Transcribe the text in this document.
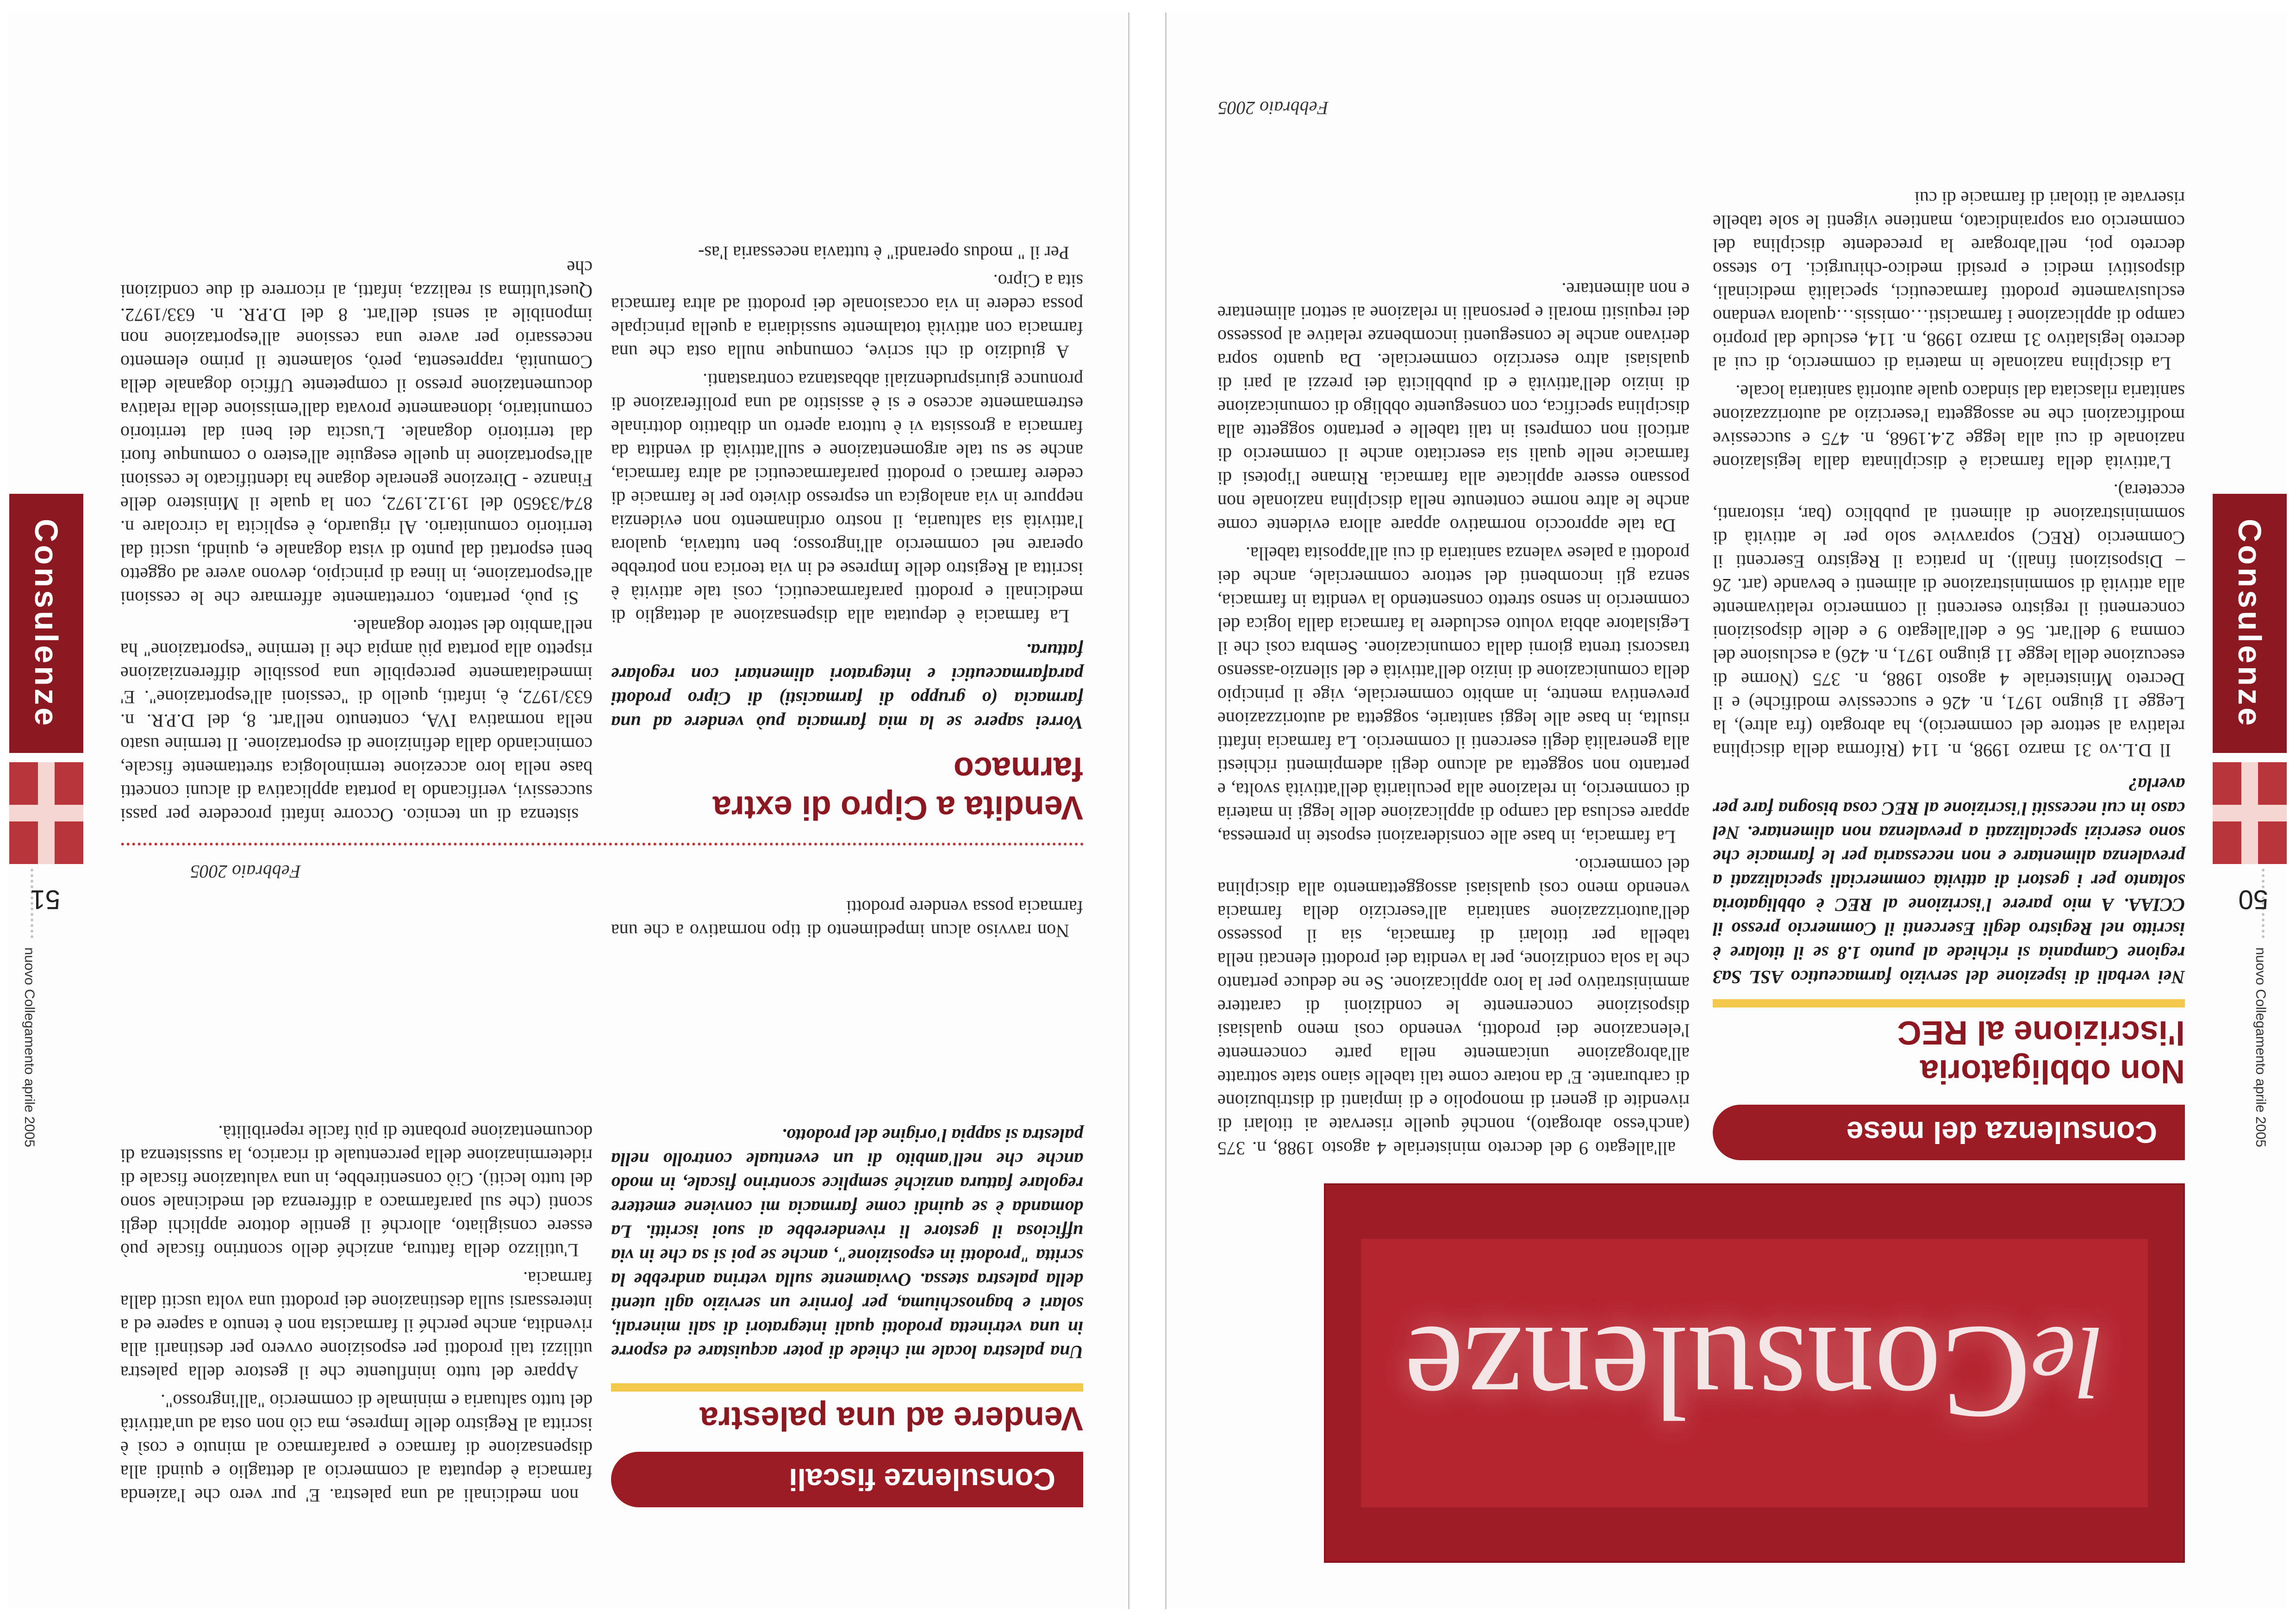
nuovo Collegamento aprile 2005
50
Consulenze
leConsulenze
Consulenza del mese
Non obbligatoria
l'iscrizione al REC
Nei verbali di ispezione del servizio farmaceutico ASL Sa3 regione Campania si richiede al punto 1.8 se il titolare è iscritto nel Registro degli Esercenti il Commercio presso il CCIAA. A mio parere l'iscrizione al REC è obbligatoria soltanto per i gestori di attività commerciali specializzati a prevalenza alimentare e non necessaria per le farmacie che sono esercizi specializzati a prevalenza non alimentare. Nel caso in cui necessiti l'iscrizione al REC cosa bisogna fare per averla?

Il D.L.vo 31 marzo 1998, n. 114 (Riforma della disciplina relativa al settore del commercio), ha abrogato (fra altre), la Legge 11 giugno 1971, n. 426 e successive modifiche) e il Decreto Ministeriale 4 agosto 1988, n. 375 (Norme di esecuzione della legge 11 giugno 1971, n. 426) a esclusione del comma 9 dell'art. 56 e dell'allegato 9 e delle disposizioni concernenti il registro esercenti il commercio relativamente alla attività di somministrazione di alimenti e bevande (art. 26 – Disposizioni finali). In pratica il Registro Esercenti il Commercio (REC) sopravvive solo per le attività di somministrazione di alimenti al pubblico (bar, ristoranti, eccetera).

L'attività della farmacia è disciplinata dalla legislazione nazionale di cui alla legge 2.4.1968, n. 475 e successive modificazioni che ne assoggetta l'esercizio ad autorizzazione sanitaria rilasciata dal sindaco quale autorità sanitaria locale.

La disciplina nazionale in materia di commercio, di cui al decreto legislativo 31 marzo 1998, n. 114, esclude dal proprio campo di applicazione i farmacisti…omissis…qualora vendano esclusivamente prodotti farmaceutici, specialità medicinali, dispositivi medici e presidi medico-chirurgici. Lo stesso decreto poi, nell'abrogare la precedente disciplina del commercio ora sopraindicato, mantiene vigenti le sole tabelle riservate ai titolari di farmacie di cui

all'allegato 9 del decreto ministeriale 4 agosto 1988, n. 375 (anch'esso abrogato), nonché quelle riservate ai titolari di rivendite di generi di monopolio e di impianti di distribuzione di carburante. E' da notare come tali tabelle siano state sottratte all'abrogazione unicamente nella parte concernente l'elencazione dei prodotti, venendo così meno qualsiasi disposizione concernente le condizioni di carattere amministrativo per la loro applicazione. Se ne deduce pertanto che la sola condizione, per la vendita dei prodotti elencati nella tabella per titolari di farmacia, sia il possesso dell'autorizzazione sanitaria all'esercizio della farmacia venendo meno così qualsiasi assoggettamento alla disciplina del commercio.

La farmacia, in base alle considerazioni esposte in premessa, appare esclusa dal campo di applicazione delle leggi in materia di commercio, in relazione alla peculiarità dell'attività svolta, e pertanto non soggetta ad alcuno degli adempimenti richiesti alla generalità degli esercenti il commercio. La farmacia infatti risulta, in base alle leggi sanitarie, soggetta ad autorizzazione preventiva mentre, in ambito commerciale, vige il principio della comunicazione di inizio dell'attività e del silenzio-assenso trascorsi trenta giorni dalla comunicazione. Sembra così che il Legislatore abbia voluto escludere la farmacia dalla logica del commercio in senso stretto consentendo la vendita in farmacia, senza gli incombenti del settore commerciale, anche dei prodotti a palese valenza sanitaria di cui all'apposita tabella.

Da tale approccio normativo appare allora evidente come anche le altre norme contenute nella disciplina nazionale non possano essere applicate alla farmacia. Rimane l'ipotesi di farmacie nelle quali sia esercitato anche il commercio di articoli non compresi in tali tabelle e pertanto soggette alla disciplina specifica, con conseguente obbligo di comunicazione di inizio dell'attività e di pubblicità dei prezzi al pari di qualsiasi altro esercizio commerciale. Da quanto sopra derivano anche le conseguenti incombenze relative al possesso dei requisiti morali e personali in relazione ai settori alimentare e non alimentare.

Febbraio 2005
nuovo Collegamento aprile 2005
51
Consulenze
Consulenze fiscali
Vendere ad una palestra
Una palestra locale mi chiede di poter acquistare ed esporre in una vetrinetta prodotti quali integratori di sali minerali, solari e bagnoschiuma, per fornire un servizio agli utenti della palestra stessa. Ovviamente sulla vetrina andrebbe la scritta "prodotti in esposizione", anche se poi si sa che in via ufficiosa il gestore li rivenderebbe ai suoi iscritti. La domanda è se quindi come farmacia mi conviene emettere regolare fattura anziché semplice scontrino fiscale, in modo anche che nell'ambito di un eventuale controllo nella palestra si sappia l'origine del prodotto.

Non ravviso alcun impedimento di tipo normativo a che una farmacia possa vendere prodotti

non medicinali ad una palestra. E' pur vero che l'azienda farmacia è deputata al commercio al dettaglio e quindi alla dispensazione di farmaco e parafarmaco al minuto e così è iscritta al Registro delle Imprese, ma ciò non osta ad un'attività del tutto saltuaria e minimale di commercio "all'ingrosso".

Appare del tutto ininfluente che il gestore della palestra utilizzi tali prodotti per esposizione ovvero per destinarli alla rivendita, anche perché il farmacista non è tenuto a sapere ed a interessarsi sulla destinazione dei prodotti una volta usciti dalla farmacia.

L'utilizzo della fattura, anziché dello scontrino fiscale può essere consigliato, allorché il gentile dottore applichi degli sconti (che sul parafarmaco a differenza del medicinale sono del tutto leciti). Ciò consentirebbe, in una valutazione fiscale di rideterminazione della percentuale di ricarico, la sussistenza di documentazione probante di più facile reperibilità.

Febbraio 2005
Vendita a Cipro di extra
farmaco
Vorrei sapere se la mia farmacia può vendere ad una farmacia (o gruppo di farmacisti) di Cipro prodotti parafarmaceutici e integratori alimentari con regolare fattura.

La farmacia è deputata alla dispensazione al dettaglio di medicinali e prodotti parafarmaceutici, così tale attività è iscritta al Registro delle Imprese ed in via teorica non potrebbe operare nel commercio all'ingrosso; ben tuttavia, qualora l'attività sia saltuaria, il nostro ordinamento non evidenzia neppure in via analogica un espresso divieto per le farmacie di cedere farmaci o prodotti parafarmaceutici ad altra farmacia, anche se su tale argomentazione e sull'attività di vendita da farmacia a grossista vi è tuttora aperto un dibattito dottrinale estremamente acceso e si è assistito ad una proliferazione di pronunce giurisprudenziali abbastanza contrastanti.

A giudizio di chi scrive, comunque nulla osta che una farmacia con attività totalmente sussidiaria a quella principale possa cedere in via occasionale dei prodotti ad altra farmacia sita a Cipro.

Per il " modus operandi" è tuttavia necessaria l'as-

sistenza di un tecnico. Occorre infatti procedere per passi successivi, verificando la portata applicativa di alcuni concetti base nella loro accezione terminologica strettamente fiscale, cominciando dalla definizione di esportazione. Il termine usato nella normativa IVA, contenuto nell'art. 8, del D.P.R. n. 633/1972, è, infatti, quello di "cessioni all'esportazione". E' immediatamente percepibile una possibile differenziazione rispetto alla portata più ampia che il termine "esportazione" ha nell'ambito del settore doganale.

Si può, pertanto, correttamente affermare che le cessioni all'esportazione, in linea di principio, devono avere ad oggetto beni esportati dal punto di vista doganale e, quindi, usciti dal territorio comunitario. Al riguardo, è esplicita la circolare n. 874/33650 del 19.12.1972, con la quale il Ministero delle Finanze - Direzione generale dogane ha identificato le cessioni all'esportazione in quelle eseguite all'estero o comunque fuori dal territorio doganale. L'uscita dei beni dal territorio comunitario, idoneamente provata dall'emissione della relativa documentazione presso il competente Ufficio doganale della Comunità, rappresenta, però, solamente il primo elemento necessario per avere una cessione all'esportazione non imponibile ai sensi dell'art. 8 del D.P.R. n. 633/1972. Quest'ultima si realizza, infatti, al ricorrere di due condizioni che
